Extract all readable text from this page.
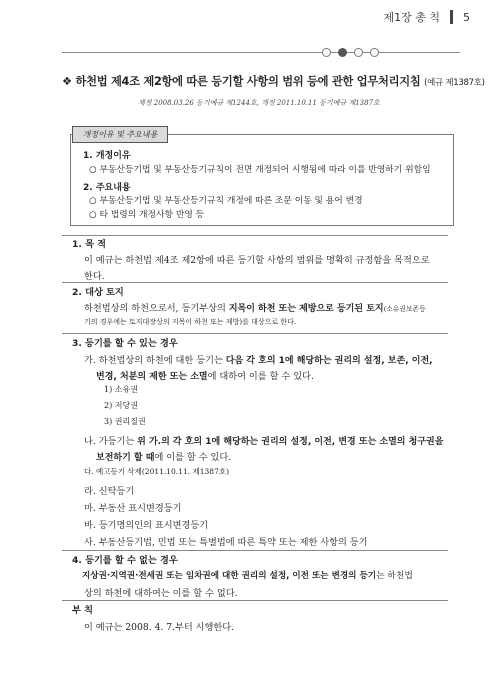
제1장 총 칙 5
❖ 하천법 제4조 제2항에 따른 등기할 사항의 범위 등에 관한 업무처리지침 (예규 제1387호)
제정 2008.03.26 등기예규 제1244호, 개정 2011.10.11 등기예규 제1387호
개정이유 및 주요내용
1. 개정이유
○ 부동산등기법 및 부동산등기규칙이 전면 개정되어 시행됨에 따라 이를 반영하기 위함임
2. 주요내용
○ 부동산등기법 및 부동산등기규칙 개정에 따른 조문 이동 및 용어 변경
○ 타 법령의 개정사항 반영 등
1. 목 적
이 예규는 하천법 제4조 제2항에 따른 등기할 사항의 범위를 명확히 규정함을 목적으로
한다.
2. 대상 토지
하천법상의 하천으로서, 등기부상의 지목이 하천 또는 제방으로 등기된 토지(소유권보존등
기의 경우에는 토지대장상의 지목이 하천 또는 제방)를 대상으로 한다.
3. 등기를 할 수 있는 경우
가. 하천법상의 하천에 대한 등기는 다음 각 호의 1에 해당하는 권리의 설정, 보존, 이전,
변경, 처분의 제한 또는 소멸에 대하여 이를 할 수 있다.
1) 소유권
2) 저당권
3) 권리질권
나. 가등기는 위 가.의 각 호의 1에 해당하는 권리의 설정, 이전, 변경 또는 소멸의 청구권을
보전하기 할 때에 이를 할 수 있다.
다. 예고등기 삭제(2011.10.11. 제1387호)
라. 신탁등기
마. 부동산 표시변경등기
바. 등기명의인의 표시변경등기
사. 부동산등기법, 민법 또는 특별법에 따른 특약 또는 제한 사항의 등기
4. 등기를 할 수 없는 경우
지상권·지역권·전세권 또는 임차권에 대한 권리의 설정, 이전 또는 변경의 등기는 하천법
상의 하천에 대하여는 이를 할 수 없다.
부 칙
이 예규는 2008. 4. 7.부터 시행한다.
